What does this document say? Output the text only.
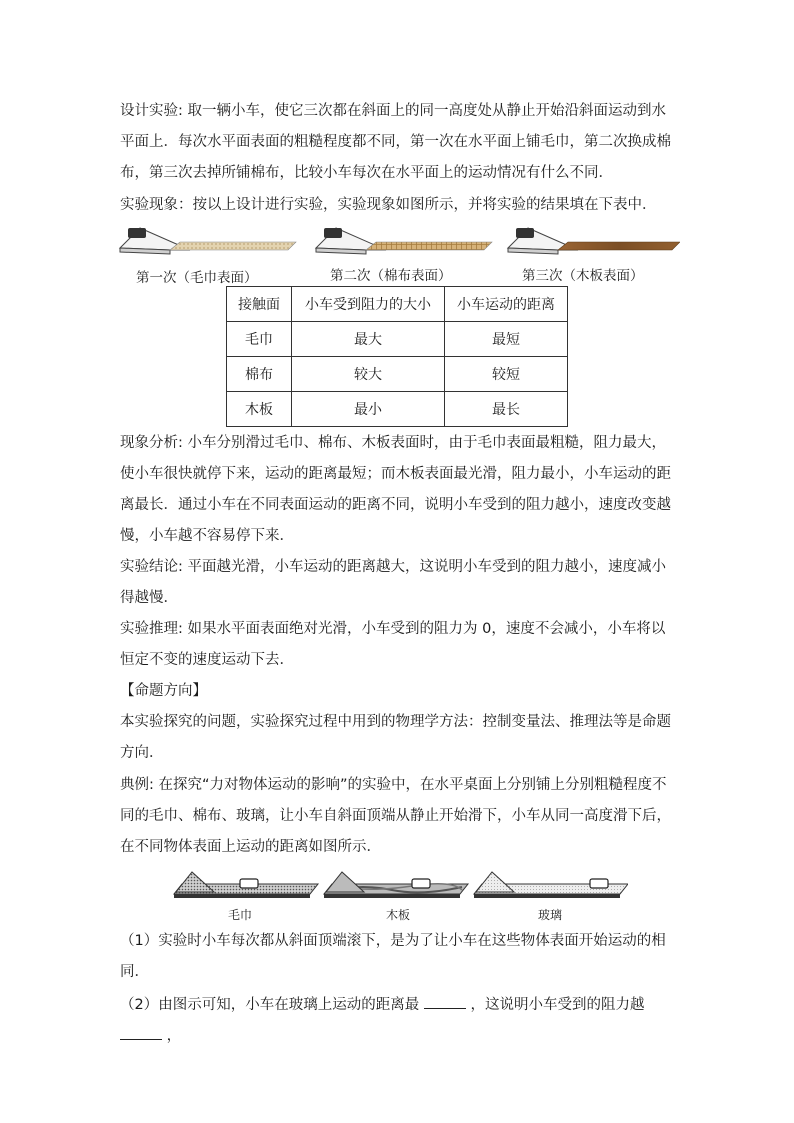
设计实验: 取一辆小车，使它三次都在斜面上的同一高度处从静止开始沿斜面运动到水平面上．每次水平面表面的粗糙程度都不同，第一次在水平面上铺毛巾，第二次换成棉布，第三次去掉所铺棉布，比较小车每次在水平面上的运动情况有什么不同．

实验现象：按以上设计进行实验，实验现象如图所示，并将实验的结果填在下表中．

第一次（毛巾表面）	第二次（棉布表面）	第三次（木板表面）
接触面	小车受到阻力的大小	小车运动的距离
毛巾	最大	最短
棉布	较大	较短
木板	最小	最长

现象分析: 小车分别滑过毛巾、棉布、木板表面时，由于毛巾表面最粗糙，阻力最大，使小车很快就停下来，运动的距离最短；而木板表面最光滑，阻力最小，小车运动的距离最长．通过小车在不同表面运动的距离不同，说明小车受到的阻力越小，速度改变越慢，小车越不容易停下来．

实验结论: 平面越光滑，小车运动的距离越大，这说明小车受到的阻力越小，速度减小得越慢．

实验推理: 如果水平面表面绝对光滑，小车受到的阻力为 0，速度不会减小，小车将以恒定不变的速度运动下去．

【命题方向】

本实验探究的问题，实验探究过程中用到的物理学方法：控制变量法、推理法等是命题方向．

典例: 在探究“力对物体运动的影响”的实验中，在水平桌面上分别铺上分别粗糙程度不同的毛巾、棉布、玻璃，让小车自斜面顶端从静止开始滑下，小车从同一高度滑下后，在不同物体表面上运动的距离如图所示．

毛巾	木板	玻璃

（1）实验时小车每次都从斜面顶端滚下，是为了让小车在这些物体表面开始运动的相同．

（2）由图示可知，小车在玻璃上运动的距离最	，这说明小车受到的阻力越  ，
